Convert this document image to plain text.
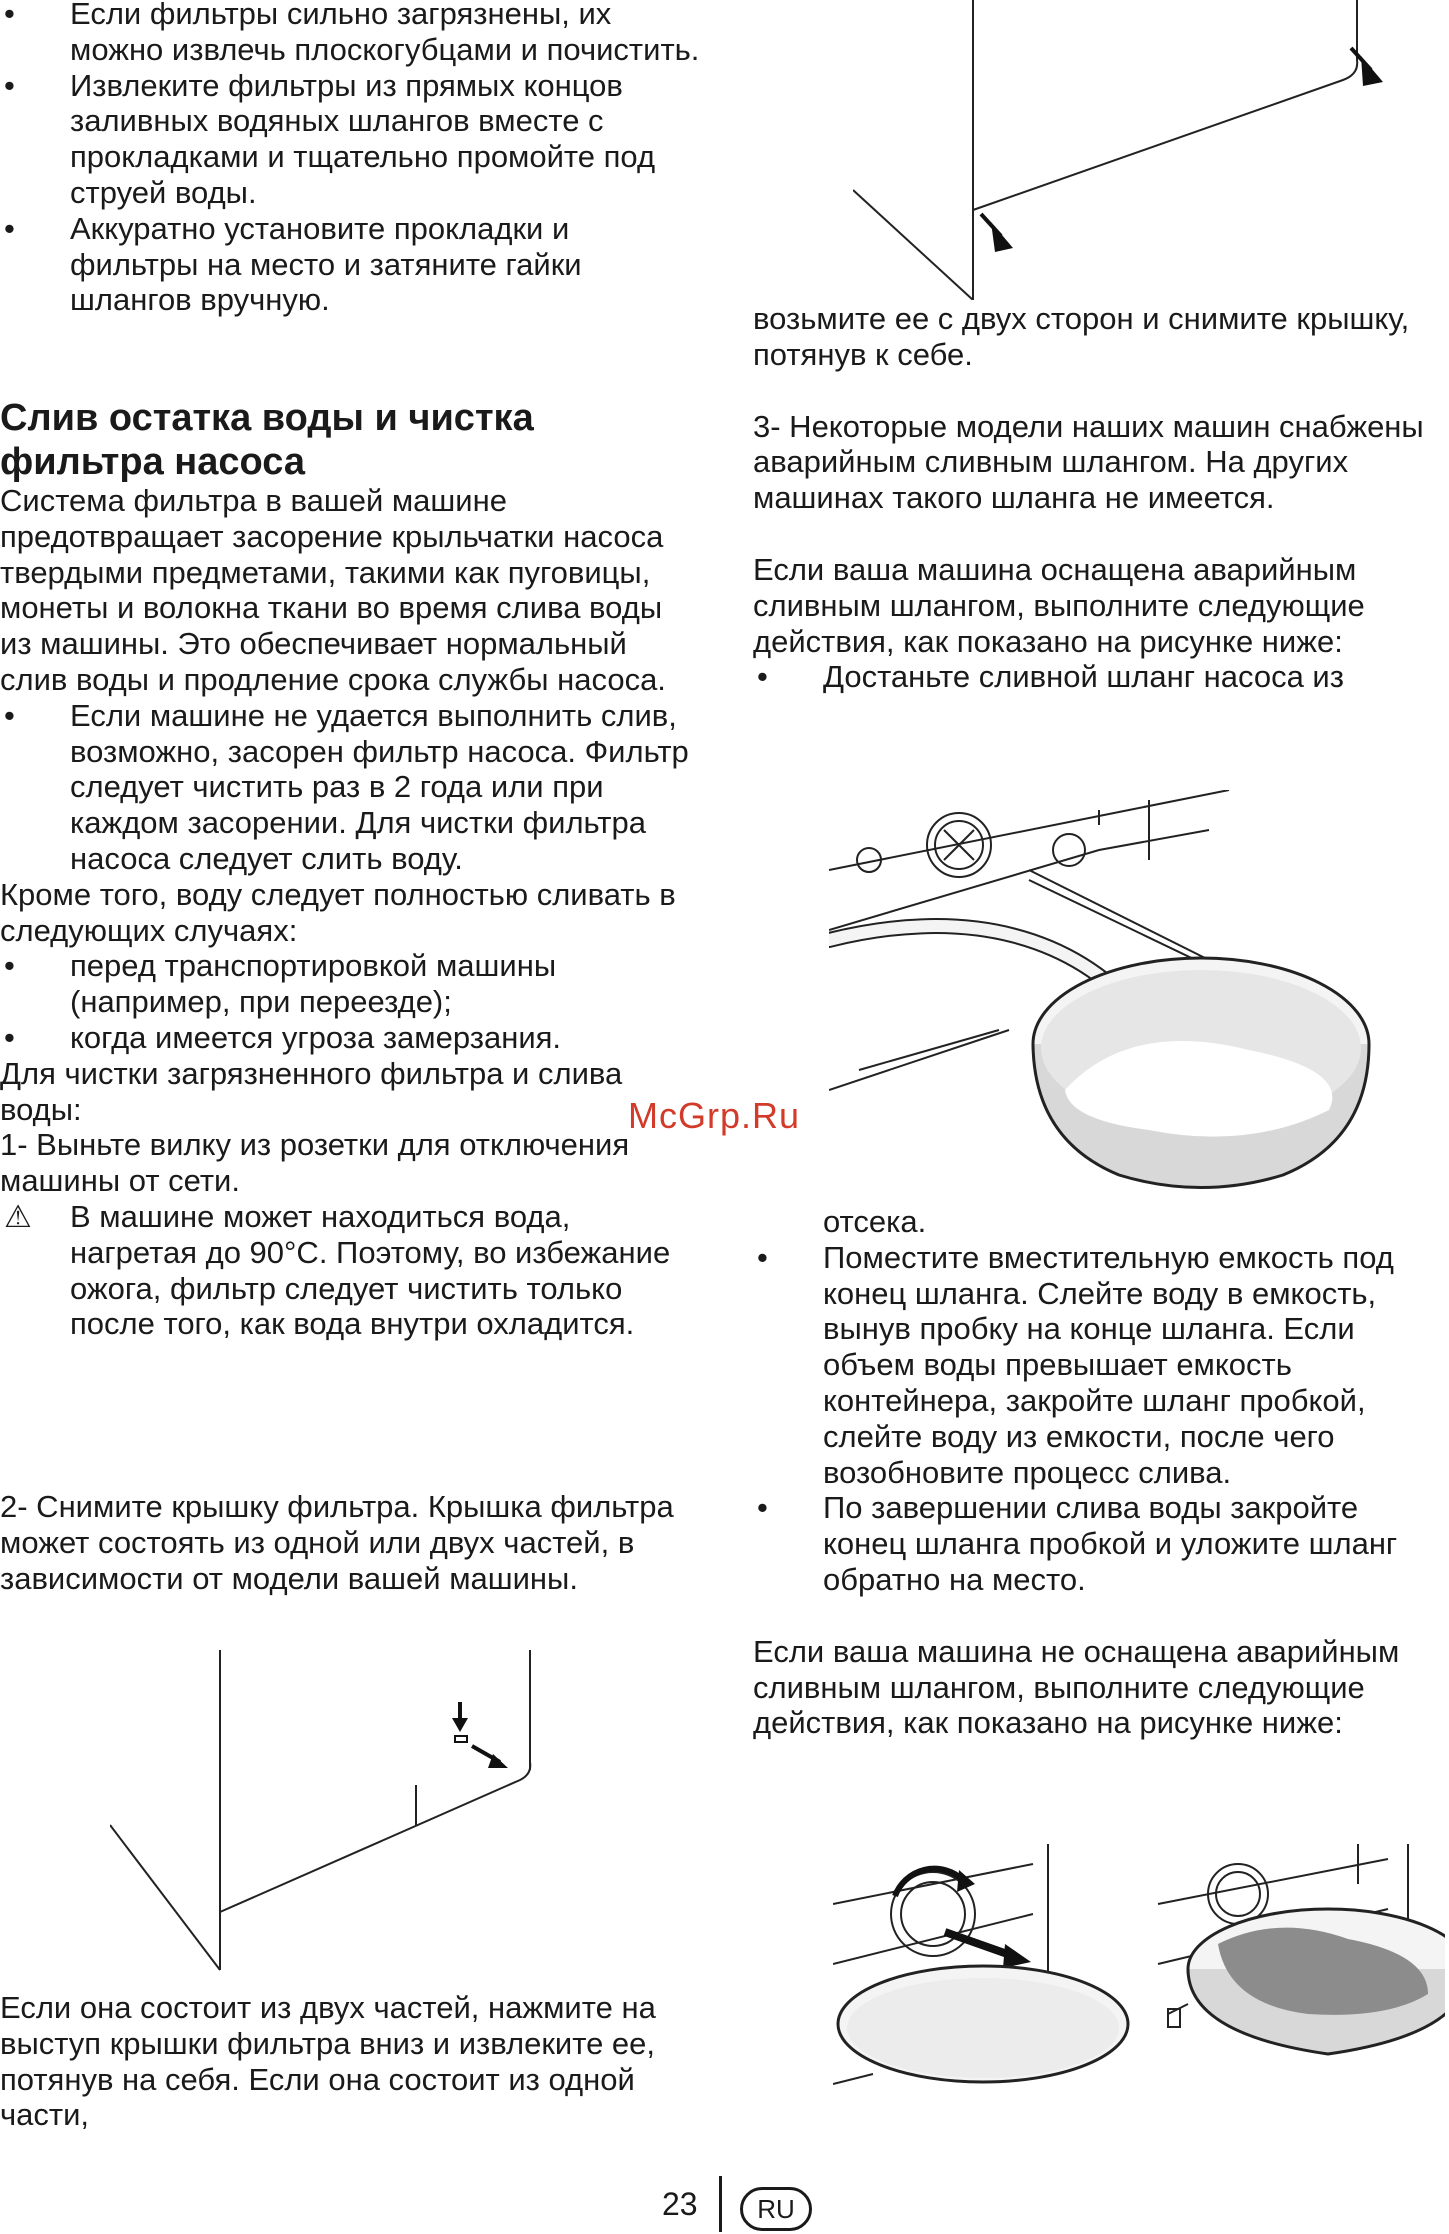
•	Если фильтры сильно загрязнены, их можно извлечь плоскогубцами и почистить.

•	Извлеките фильтры из прямых концов заливных водяных шлангов вместе с прокладками и тщательно промойте под струей воды.

•	Аккуратно установите прокладки и фильтры на место и затяните гайки шлангов вручную.

Слив остатка воды и чистка
фильтра насоса

Система фильтра в вашей машине предотвращает засорение крыльчатки насоса твердыми предметами, такими как пуговицы, монеты и волокна ткани во время слива воды из машины. Это обеспечивает нормальный слив воды и продление срока службы насоса.

•	Если машине не удается выполнить слив, возможно, засорен фильтр насоса. Фильтр следует чистить раз в 2 года или при каждом засорении. Для чистки фильтра насоса следует слить воду.

Кроме того, воду следует полностью сливать в следующих случаях:

•	перед транспортировкой машины (например, при переезде);

•	когда имеется угроза замерзания.

Для чистки загрязненного фильтра и слива воды:

1- Выньте вилку из розетки для отключения машины от сети.

⚠	В машине может находиться вода, нагретая до 90°C. Поэтому, во избежание ожога, фильтр следует чистить только после того, как вода внутри охладится.

2- Снимите крышку фильтра. Крышка фильтра может состоять из одной или двух частей, в зависимости от модели вашей машины.

Если она состоит из двух частей, нажмите на выступ крышки фильтра вниз и извлеките ее, потянув на себя. Если она состоит из одной части,

возьмите ее с двух сторон и снимите крышку, потянув к себе.

3- Некоторые модели наших машин снабжены аварийным сливным шлангом. На других машинах такого шланга не имеется.

Если ваша машина оснащена аварийным сливным шлангом, выполните следующие действия, как показано на рисунке ниже:

•	Достаньте сливной шланг насоса из

McGrp.Ru

отсека.

•	Поместите вместительную емкость под конец шланга. Слейте воду в емкость, вынув пробку на конце шланга. Если объем воды превышает емкость контейнера, закройте шланг пробкой, слейте воду из емкости, после чего возобновите процесс слива.

•	По завершении слива воды закройте конец шланга пробкой и уложите шланг обратно на место.

Если ваша машина не оснащена аварийным сливным шлангом, выполните следующие действия, как показано на рисунке ниже:

23	RU
